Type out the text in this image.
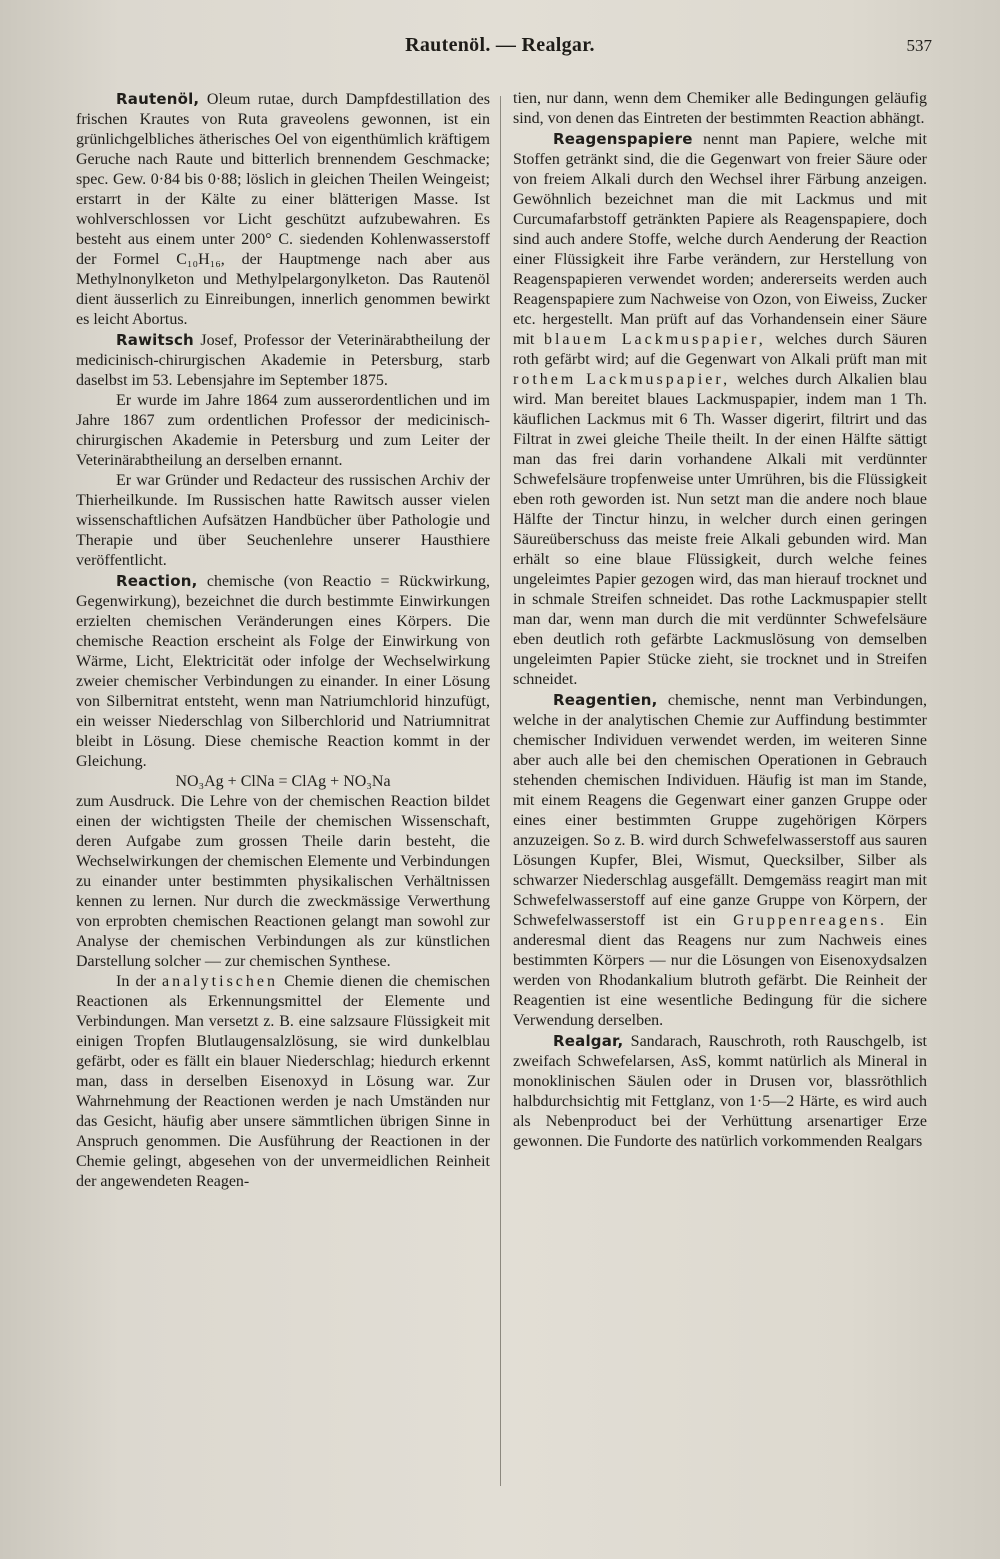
Rautenöl. — Realgar.	537

Rautenöl, Oleum rutae, durch Dampfdestillation des frischen Krautes von Ruta graveolens gewonnen, ist ein grünlichgelbliches ätherisches Oel von eigenthümlich kräftigem Geruche nach Raute und bitterlich brennendem Geschmacke; spec. Gew. 0·84 bis 0·88; löslich in gleichen Theilen Weingeist; erstarrt in der Kälte zu einer blätterigen Masse. Ist wohlverschlossen vor Licht geschützt aufzubewahren. Es besteht aus einem unter 200° C. siedenden Kohlenwasserstoff der Formel C₁₀H₁₆, der Hauptmenge nach aber aus Methylnonylketon und Methylpelargonylketon. Das Rautenöl dient äusserlich zu Einreibungen, innerlich genommen bewirkt es leicht Abortus.

Rawitsch Josef, Professor der Veterinärabtheilung der medicinisch-chirurgischen Akademie in Petersburg, starb daselbst im 53. Lebensjahre im September 1875.

Er wurde im Jahre 1864 zum ausserordentlichen und im Jahre 1867 zum ordentlichen Professor der medicinisch-chirurgischen Akademie in Petersburg und zum Leiter der Veterinärabtheilung an derselben ernannt.

Er war Gründer und Redacteur des russischen Archiv der Thierheilkunde. Im Russischen hatte Rawitsch ausser vielen wissenschaftlichen Aufsätzen Handbücher über Pathologie und Therapie und über Seuchenlehre unserer Hausthiere veröffentlicht.

Reaction, chemische (von Reactio = Rückwirkung, Gegenwirkung), bezeichnet die durch bestimmte Einwirkungen erzielten chemischen Veränderungen eines Körpers. Die chemische Reaction erscheint als Folge der Einwirkung von Wärme, Licht, Elektricität oder infolge der Wechselwirkung zweier chemischer Verbindungen zu einander. In einer Lösung von Silbernitrat entsteht, wenn man Natriumchlorid hinzufügt, ein weisser Niederschlag von Silberchlorid und Natriumnitrat bleibt in Lösung. Diese chemische Reaction kommt in der Gleichung.

NO₃Ag + ClNa = ClAg + NO₃Na

zum Ausdruck. Die Lehre von der chemischen Reaction bildet einen der wichtigsten Theile der chemischen Wissenschaft, deren Aufgabe zum grossen Theile darin besteht, die Wechselwirkungen der chemischen Elemente und Verbindungen zu einander unter bestimmten physikalischen Verhältnissen kennen zu lernen. Nur durch die zweckmässige Verwerthung von erprobten chemischen Reactionen gelangt man sowohl zur Analyse der chemischen Verbindungen als zur künstlichen Darstellung solcher — zur chemischen Synthese.

In der analytischen Chemie dienen die chemischen Reactionen als Erkennungsmittel der Elemente und Verbindungen. Man versetzt z. B. eine salzsaure Flüssigkeit mit einigen Tropfen Blutlaugensalzlösung, sie wird dunkelblau gefärbt, oder es fällt ein blauer Niederschlag; hiedurch erkennt man, dass in derselben Eisenoxyd in Lösung war. Zur Wahrnehmung der Reactionen werden je nach Umständen nur das Gesicht, häufig aber unsere sämmtlichen übrigen Sinne in Anspruch genommen. Die Ausführung der Reactionen in der Chemie gelingt, abgesehen von der unvermeidlichen Reinheit der angewendeten Reagen-

tien, nur dann, wenn dem Chemiker alle Bedingungen geläufig sind, von denen das Eintreten der bestimmten Reaction abhängt.

Reagenspapiere nennt man Papiere, welche mit Stoffen getränkt sind, die die Gegenwart von freier Säure oder von freiem Alkali durch den Wechsel ihrer Färbung anzeigen. Gewöhnlich bezeichnet man die mit Lackmus und mit Curcumafarbstoff getränkten Papiere als Reagenspapiere, doch sind auch andere Stoffe, welche durch Aenderung der Reaction einer Flüssigkeit ihre Farbe verändern, zur Herstellung von Reagenspapieren verwendet worden; andererseits werden auch Reagenspapiere zum Nachweise von Ozon, von Eiweiss, Zucker etc. hergestellt. Man prüft auf das Vorhandensein einer Säure mit blauem Lackmuspapier, welches durch Säuren roth gefärbt wird; auf die Gegenwart von Alkali prüft man mit rothem Lackmuspapier, welches durch Alkalien blau wird. Man bereitet blaues Lackmuspapier, indem man 1 Th. käuflichen Lackmus mit 6 Th. Wasser digerirt, filtrirt und das Filtrat in zwei gleiche Theile theilt. In der einen Hälfte sättigt man das frei darin vorhandene Alkali mit verdünnter Schwefelsäure tropfenweise unter Umrühren, bis die Flüssigkeit eben roth geworden ist. Nun setzt man die andere noch blaue Hälfte der Tinctur hinzu, in welcher durch einen geringen Säureüberschuss das meiste freie Alkali gebunden wird. Man erhält so eine blaue Flüssigkeit, durch welche feines ungeleimtes Papier gezogen wird, das man hierauf trocknet und in schmale Streifen schneidet. Das rothe Lackmuspapier stellt man dar, wenn man durch die mit verdünnter Schwefelsäure eben deutlich roth gefärbte Lackmuslösung von demselben ungeleimten Papier Stücke zieht, sie trocknet und in Streifen schneidet.

Reagentien, chemische, nennt man Verbindungen, welche in der analytischen Chemie zur Auffindung bestimmter chemischer Individuen verwendet werden, im weiteren Sinne aber auch alle bei den chemischen Operationen in Gebrauch stehenden chemischen Individuen. Häufig ist man im Stande, mit einem Reagens die Gegenwart einer ganzen Gruppe oder eines einer bestimmten Gruppe zugehörigen Körpers anzuzeigen. So z. B. wird durch Schwefelwasserstoff aus sauren Lösungen Kupfer, Blei, Wismut, Quecksilber, Silber als schwarzer Niederschlag ausgefällt. Demgemäss reagirt man mit Schwefelwasserstoff auf eine ganze Gruppe von Körpern, der Schwefelwasserstoff ist ein Gruppenreagens. Ein anderesmal dient das Reagens nur zum Nachweis eines bestimmten Körpers — nur die Lösungen von Eisenoxydsalzen werden von Rhodankalium blutroth gefärbt. Die Reinheit der Reagentien ist eine wesentliche Bedingung für die sichere Verwendung derselben.

Realgar, Sandarach, Rauschroth, roth Rauschgelb, ist zweifach Schwefelarsen, AsS, kommt natürlich als Mineral in monoklinischen Säulen oder in Drusen vor, blassröthlich halbdurchsichtig mit Fettglanz, von 1·5—2 Härte, es wird auch als Nebenproduct bei der Verhüttung arsenartiger Erze gewonnen. Die Fundorte des natürlich vorkommenden Realgars
